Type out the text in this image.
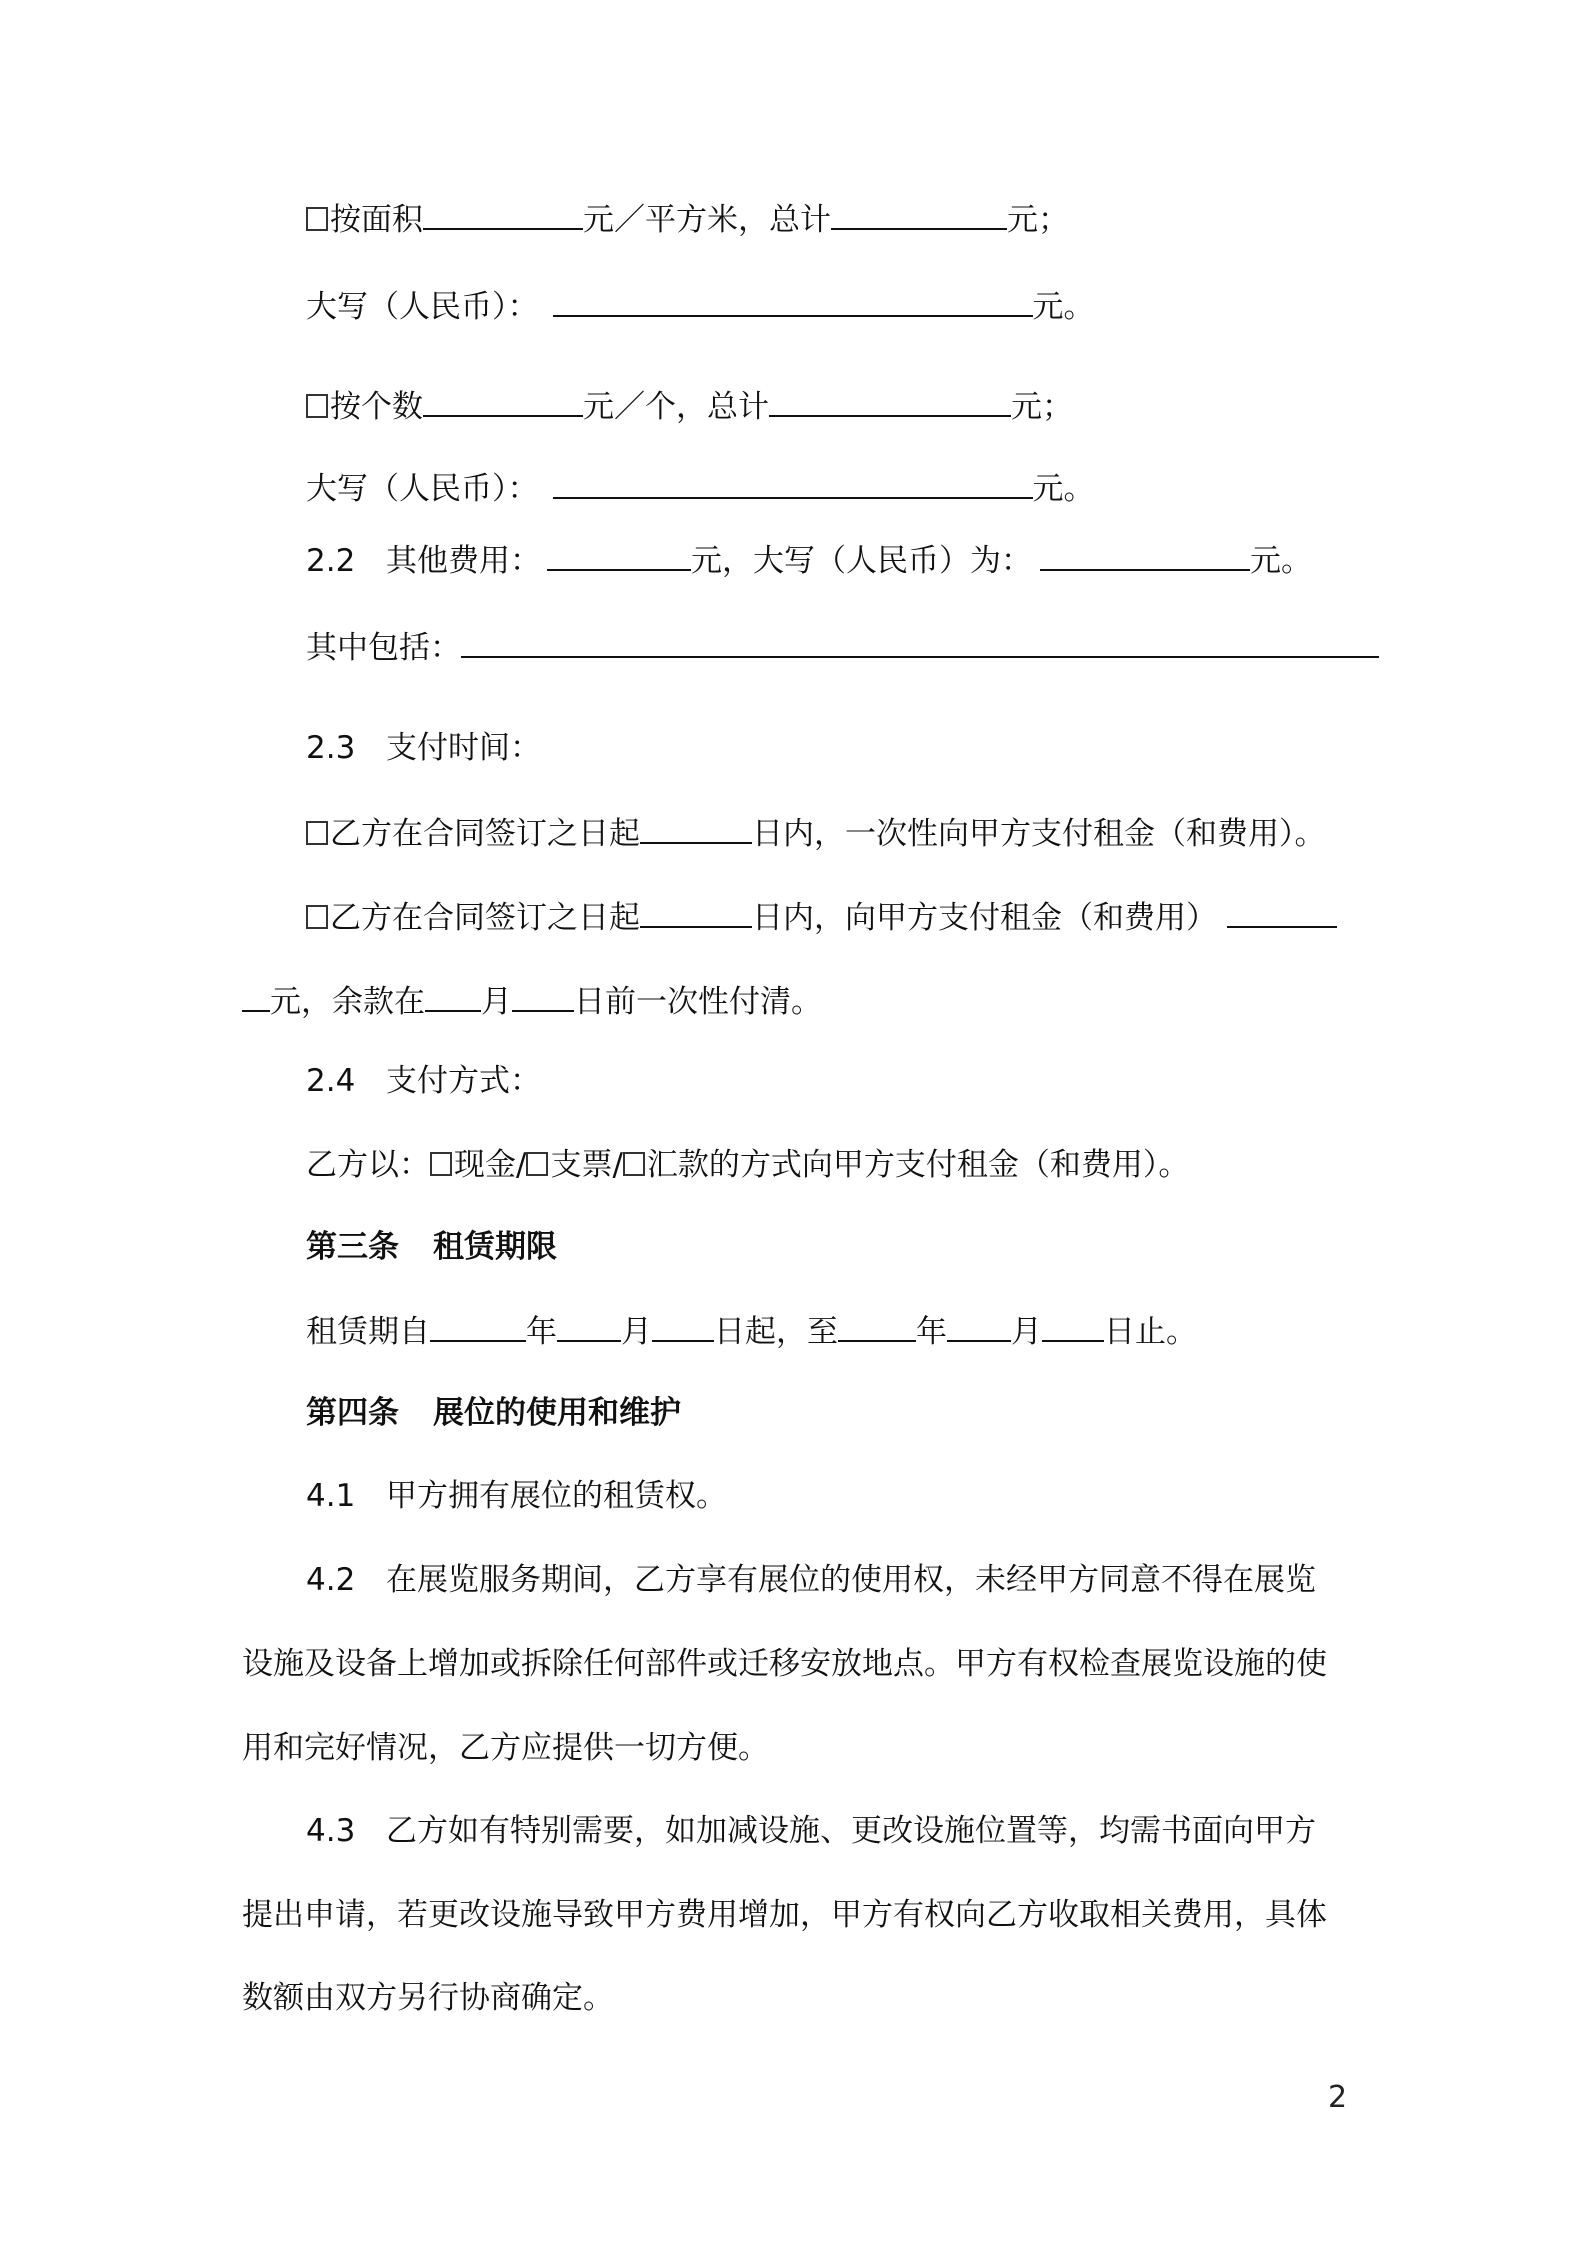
按面积	元／平方米，总计	元；
大写（人民币）：	元。
按个数	元／个，总计	元；
大写（人民币）：	元。
2.2 其他费用：	元，大写（人民币）为：	元。
其中包括：
2.3 支付时间：
乙方在合同签订之日起	日内，一次性向甲方支付租金（和费用）。
乙方在合同签订之日起	日内，向甲方支付租金（和费用）
元，余款在 月 日前一次性付清。
2.4 支付方式：
乙方以： 现金/ 支票/ 汇款的方式向甲方支付租金（和费用）。
第三条 租赁期限
租赁期自	年 月 日起，至	年 月 日止。
第四条 展位的使用和维护
4.1 甲方拥有展位的租赁权。
4.2 在展览服务期间，乙方享有展位的使用权，未经甲方同意不得在展览
设施及设备上增加或拆除任何部件或迁移安放地点。甲方有权检查展览设施的使
用和完好情况，乙方应提供一切方便。
4.3 乙方如有特别需要，如加减设施、更改设施位置等，均需书面向甲方
提出申请，若更改设施导致甲方费用增加，甲方有权向乙方收取相关费用，具体
数额由双方另行协商确定。
2
